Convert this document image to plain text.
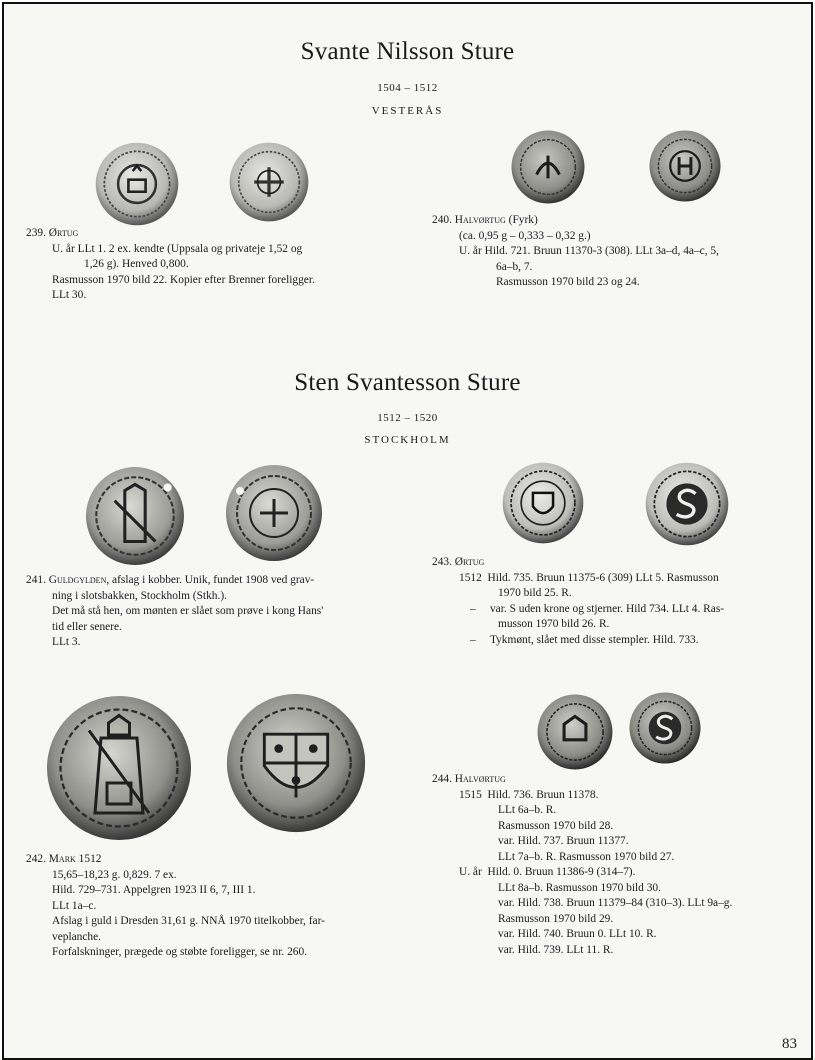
Svante Nilsson Sture
1504 – 1512
VESTERÅS
239. Ørtug
U. år LLt 1. 2 ex. kendte (Uppsala og privateje 1,52 og
1,26 g). Henved 0,800.
Rasmusson 1970 bild 22. Kopier efter Brenner foreligger.
LLt 30.
240. Halvørtug (Fyrk)
(ca. 0,95 g – 0,333 – 0,32 g.)
U. år Hild. 721. Bruun 11370-3 (308). LLt 3a–d, 4a–c, 5,
6a–b, 7.
Rasmusson 1970 bild 23 og 24.
Sten Svantesson Sture
1512 – 1520
STOCKHOLM
241. Guldgylden, afslag i kobber. Unik, fundet 1908 ved grav-
ning i slotsbakken, Stockholm (Stkh.).
Det må stå hen, om mønten er slået som prøve i kong Hans'
tid eller senere.
LLt 3.
243. Ørtug
1512 Hild. 735. Bruun 11375-6 (309) LLt 5. Rasmusson
1970 bild 25. R.
– var. S uden krone og stjerner. Hild 734. LLt 4. Ras-
musson 1970 bild 26. R.
– Tykmønt, slået med disse stempler. Hild. 733.
242. Mark 1512
15,65–18,23 g. 0,829. 7 ex.
Hild. 729–731. Appelgren 1923 II 6, 7, III 1.
LLt 1a–c.
Afslag i guld i Dresden 31,61 g. NNÅ 1970 titelkobber, far-
veplanche.
Forfalskninger, prægede og støbte foreligger, se nr. 260.
244. Halvørtug
1515 Hild. 736. Bruun 11378.
LLt 6a–b. R.
Rasmusson 1970 bild 28.
var. Hild. 737. Bruun 11377.
LLt 7a–b. R. Rasmusson 1970 bild 27.
U. år Hild. 0. Bruun 11386-9 (314–7).
LLt 8a–b. Rasmusson 1970 bild 30.
var. Hild. 738. Bruun 11379–84 (310–3). LLt 9a–g.
Rasmusson 1970 bild 29.
var. Hild. 740. Bruun 0. LLt 10. R.
var. Hild. 739. LLt 11. R.
83
